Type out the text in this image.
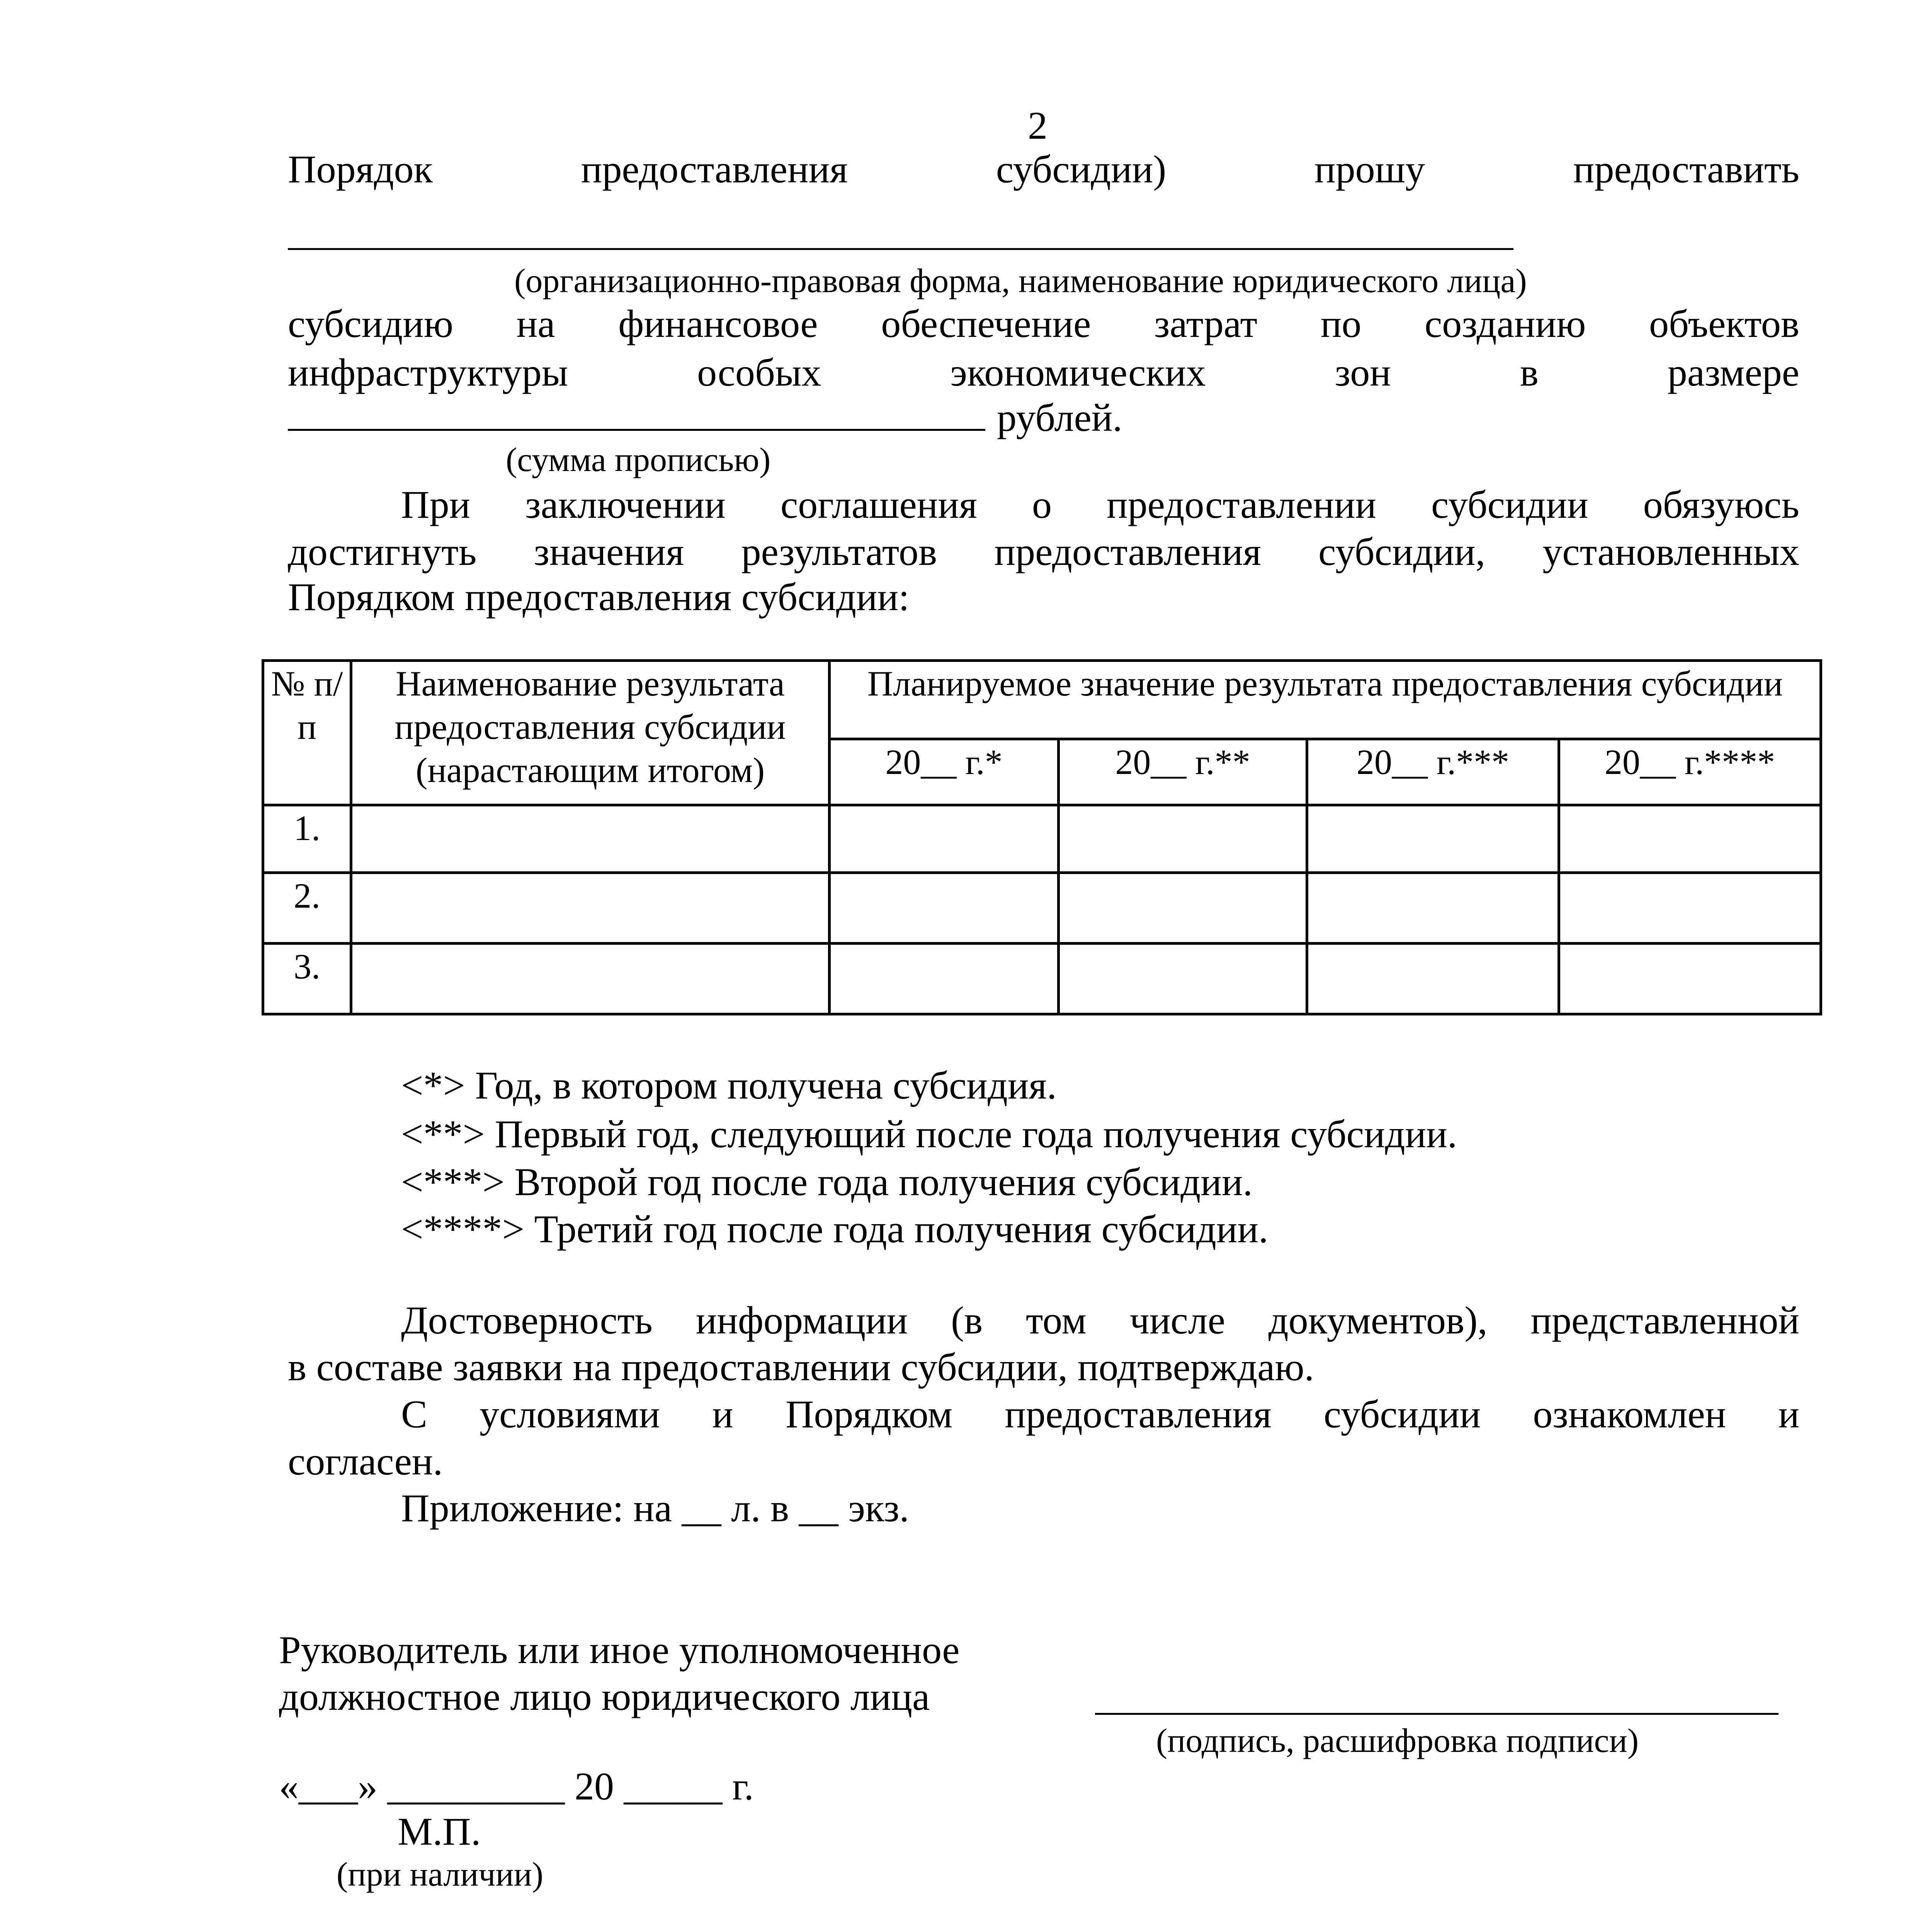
2
Порядок	предоставления	субсидии)	прошу	предоставить
(организационно-правовая форма, наименование юридического лица)
субсидию на финансовое обеспечение затрат по созданию объектов
инфраструктуры особых экономических зон в размере
рублей.
(сумма прописью)
При заключении соглашения о предоставлении субсидии обязуюсь
достигнуть значения результатов предоставления субсидии, установленных
Порядком предоставления субсидии:
№ п/п	Наименование результата предоставления субсидии (нарастающим итогом)	Планируемое значение результата предоставления субсидии			
		20__ г.*	20__ г.**	20__ г.***	20__ г.****
1.					
2.					
3.					
<*> Год, в котором получена субсидия.
<**> Первый год, следующий после года получения субсидии.
<***> Второй год после года получения субсидии.
<****> Третий год после года получения субсидии.
Достоверность информации (в том числе документов), представленной
в составе заявки на предоставлении субсидии, подтверждаю.
С условиями и Порядком предоставления субсидии ознакомлен и
согласен.
Приложение: на __ л. в __ экз.
Руководитель или иное уполномоченное
должностное лицо юридического лица
(подпись, расшифровка подписи)
«___» _________ 20 _____ г.
М.П.
(при наличии)
